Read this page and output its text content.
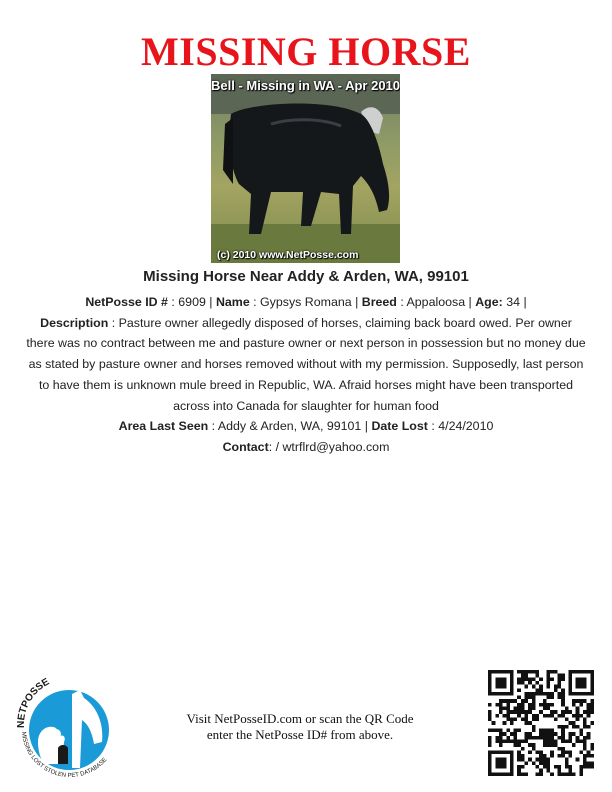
MISSING HORSE
Bell - Missing in WA - Apr 2010
(c) 2010 www.NetPosse.com
Missing Horse Near Addy & Arden, WA, 99101
NetPosse ID # : 6909 | Name : Gypsys Romana | Breed : Appaloosa | Age: 34 |
Description : Pasture owner allegedly disposed of horses, claiming back board owed. Per owner there was no contract between me and pasture owner or next person in possession but no money due as stated by pasture owner and horses removed without with my permission. Supposedly, last person to have them is unknown mule breed in Republic, WA. Afraid horses might have been transported across into Canada for slaughter for human food
Area Last Seen : Addy & Arden, WA, 99101 | Date Lost : 4/24/2010
Contact: / wtrflrd@yahoo.com
NETPOSSE
MISSING LOST STOLEN PET DATABASE
Visit NetPosseID.com or scan the QR Code
enter the NetPosse ID# from above.
